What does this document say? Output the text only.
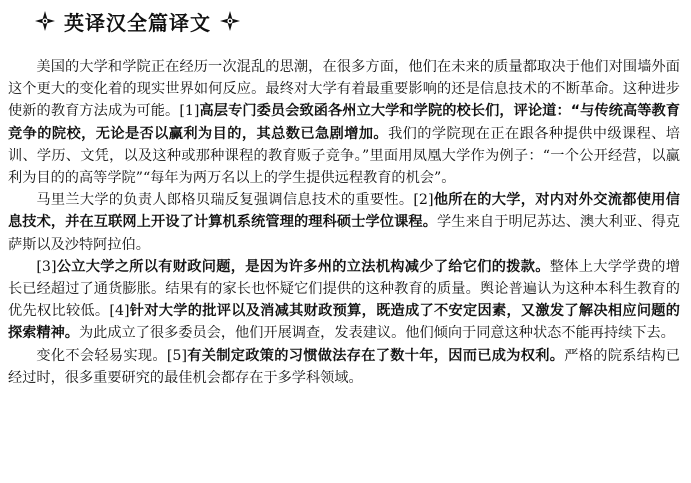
英译汉全篇译文

美国的大学和学院正在经历一次混乱的思潮，在很多方面，他们在未来的质量都取决于他们对围墙外面这个更大的变化着的现实世界如何反应。最终对大学有着最重要影响的还是信息技术的不断革命。这种进步使新的教育方法成为可能。[1]高层专门委员会致函各州立大学和学院的校长们，评论道：“与传统高等教育竞争的院校，无论是否以赢利为目的，其总数已急剧增加。我们的学院现在正在跟各种提供中级课程、培训、学历、文凭，以及这种或那种课程的教育贩子竞争。”里面用凤凰大学作为例子：“一个公开经营，以赢利为目的的高等学院”“每年为两万名以上的学生提供远程教育的机会”。

马里兰大学的负责人郎格贝瑞反复强调信息技术的重要性。[2]他所在的大学，对内对外交流都使用信息技术，并在互联网上开设了计算机系统管理的理科硕士学位课程。学生来自于明尼苏达、澳大利亚、得克萨斯以及沙特阿拉伯。

[3]公立大学之所以有财政问题，是因为许多州的立法机构减少了给它们的拨款。整体上大学学费的增长已经超过了通货膨胀。结果有的家长也怀疑它们提供的这种教育的质量。舆论普遍认为这种本科生教育的优先权比较低。[4]针对大学的批评以及消减其财政预算，既造成了不安定因素，又激发了解决相应问题的探索精神。为此成立了很多委员会，他们开展调查，发表建议。他们倾向于同意这种状态不能再持续下去。

变化不会轻易实现。[5]有关制定政策的习惯做法存在了数十年，因而已成为权利。严格的院系结构已经过时，很多重要研究的最佳机会都存在于多学科领域。
